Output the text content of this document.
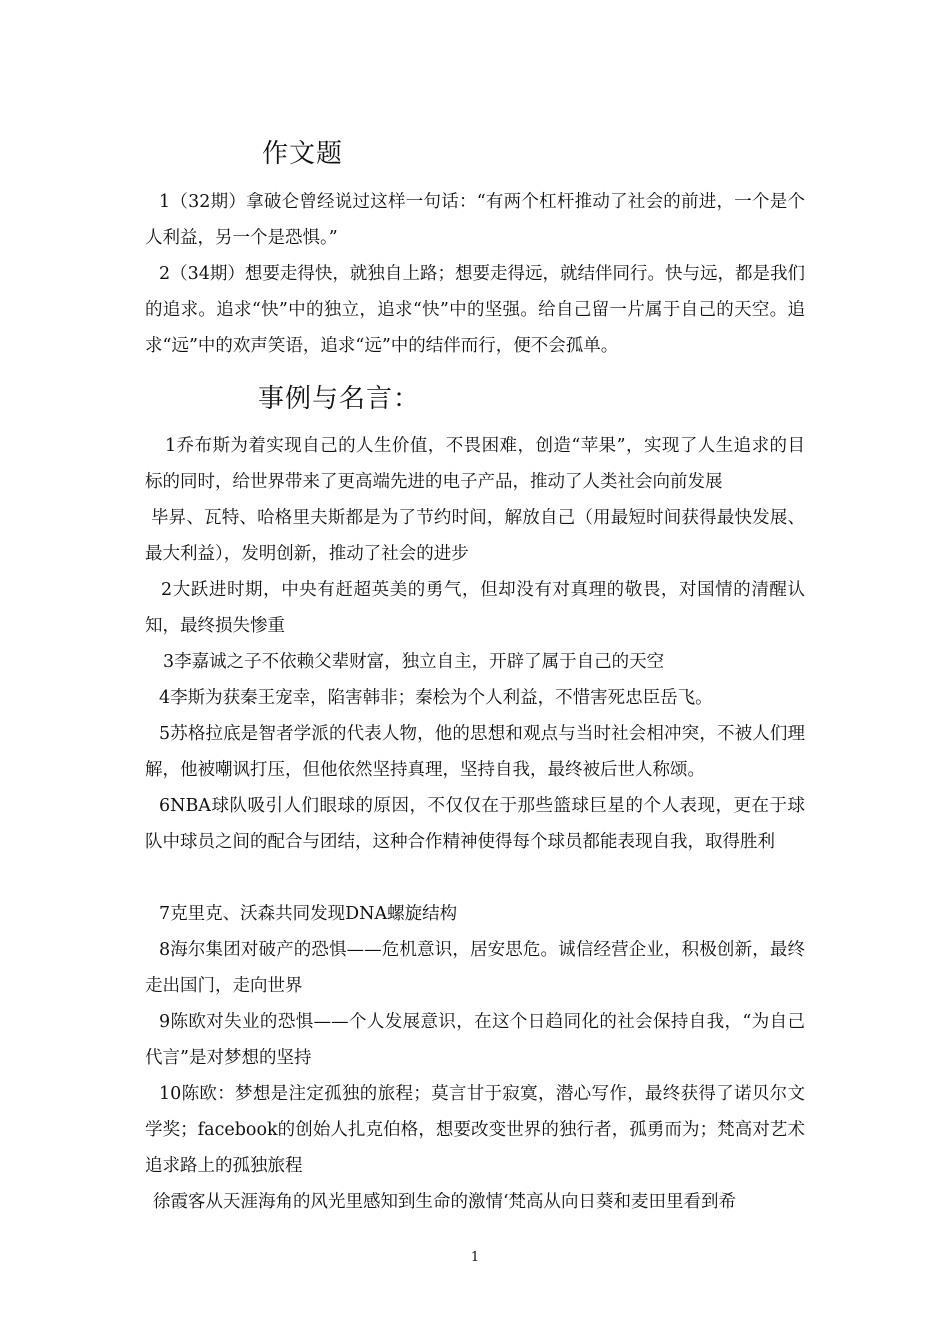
作文题
1（32期）拿破仑曾经说过这样一句话：“有两个杠杆推动了社会的前进，一个是个人利益，另一个是恐惧。”
2（34期）想要走得快，就独自上路；想要走得远，就结伴同行。快与远，都是我们的追求。追求“快”中的独立，追求“快”中的坚强。给自己留一片属于自己的天空。追求“远”中的欢声笑语，追求“远”中的结伴而行，便不会孤单。
事例与名言：
1乔布斯为着实现自己的人生价值，不畏困难，创造“苹果”，实现了人生追求的目标的同时，给世界带来了更高端先进的电子产品，推动了人类社会向前发展
毕昇、瓦特、哈格里夫斯都是为了节约时间，解放自己（用最短时间获得最快发展、最大利益），发明创新，推动了社会的进步
2大跃进时期，中央有赶超英美的勇气，但却没有对真理的敬畏，对国情的清醒认知，最终损失惨重
3李嘉诚之子不依赖父辈财富，独立自主，开辟了属于自己的天空
4李斯为获秦王宠幸，陷害韩非；秦桧为个人利益，不惜害死忠臣岳飞。
5苏格拉底是智者学派的代表人物，他的思想和观点与当时社会相冲突，不被人们理解，他被嘲讽打压，但他依然坚持真理，坚持自我，最终被后世人称颂。
6NBA球队吸引人们眼球的原因，不仅仅在于那些篮球巨星的个人表现，更在于球队中球员之间的配合与团结，这种合作精神使得每个球员都能表现自我，取得胜利
7克里克、沃森共同发现DNA螺旋结构
8海尔集团对破产的恐惧——危机意识，居安思危。诚信经营企业，积极创新，最终走出国门，走向世界
9陈欧对失业的恐惧——个人发展意识，在这个日趋同化的社会保持自我，“为自己代言”是对梦想的坚持
10陈欧：梦想是注定孤独的旅程；莫言甘于寂寞，潜心写作，最终获得了诺贝尔文学奖；facebook的创始人扎克伯格，想要改变世界的独行者，孤勇而为；梵高对艺术追求路上的孤独旅程
徐霞客从天涯海角的风光里感知到生命的激情‘梵高从向日葵和麦田里看到希
1
